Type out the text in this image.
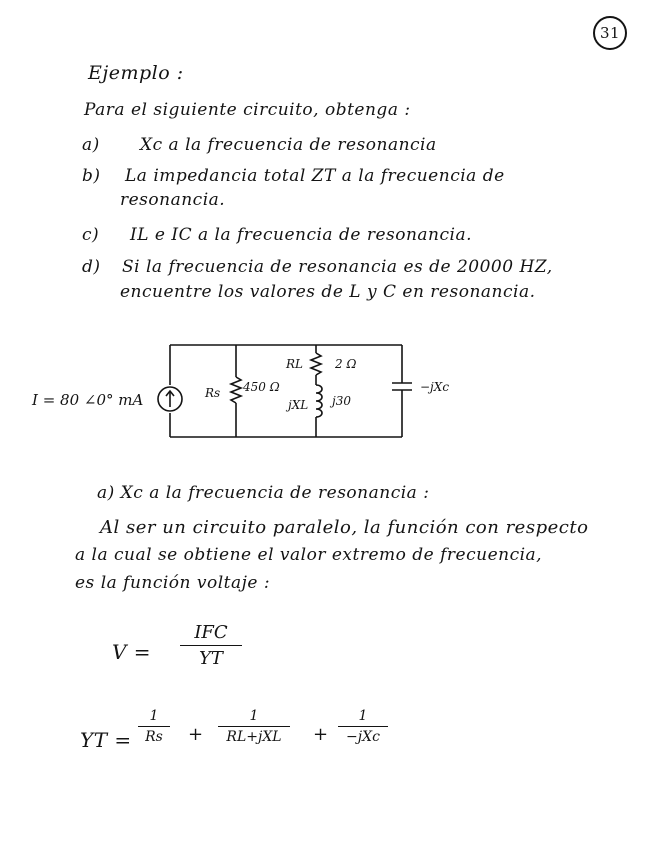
31
Ejemplo :
Para el siguiente circuito, obtenga :
a) Xc a la frecuencia de resonancia
b) La impedancia total ZT a la frecuencia de
resonancia.
c) IL e IC a la frecuencia de resonancia.
d) Si la frecuencia de resonancia es de 20000 HZ,
encuentre los valores de L y C en resonancia.
I = 80 ∠0° mA	Rs 450 Ω
RL	2 Ω
jXL j30
−jXc
a) Xc a la frecuencia de resonancia :
Al ser un circuito paralelo, la función con respecto
a la cual se obtiene el valor extremo de frecuencia,
es la función voltaje :
V =
IFC
YT
YT =
1
Rs	+
1
RL+jXL	+
1
−jXc
